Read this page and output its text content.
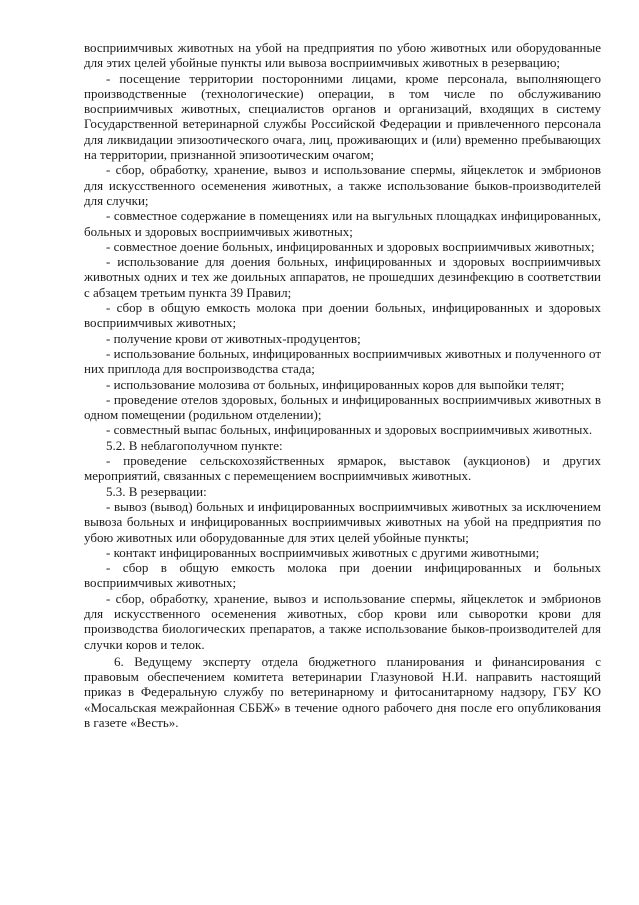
восприимчивых животных на убой на предприятия по убою животных или оборудованные для этих целей убойные пункты или вывоза восприимчивых животных в резервацию;

- посещение территории посторонними лицами, кроме персонала, выполняющего производственные (технологические) операции, в том числе по обслуживанию восприимчивых животных, специалистов органов и организаций, входящих в систему Государственной ветеринарной службы Российской Федерации и привлеченного персонала для ликвидации эпизоотического очага, лиц, проживающих и (или) временно пребывающих на территории, признанной эпизоотическим очагом;

- сбор, обработку, хранение, вывоз и использование спермы, яйцеклеток и эмбрионов для искусственного осеменения животных, а также использование быков-производителей для случки;

- совместное содержание в помещениях или на выгульных площадках инфицированных, больных и здоровых восприимчивых животных;

- совместное доение больных, инфицированных и здоровых восприимчивых животных;

- использование для доения больных, инфицированных и здоровых восприимчивых животных одних и тех же доильных аппаратов, не прошедших дезинфекцию в соответствии с абзацем третьим пункта 39 Правил;

- сбор в общую емкость молока при доении больных, инфицированных и здоровых восприимчивых животных;

- получение крови от животных-продуцентов;

- использование больных, инфицированных восприимчивых животных и полученного от них приплода для воспроизводства стада;

- использование молозива от больных, инфицированных коров для выпойки телят;

- проведение отелов здоровых, больных и инфицированных восприимчивых животных в одном помещении (родильном отделении);

- совместный выпас больных, инфицированных и здоровых восприимчивых животных.

5.2. В неблагополучном пункте:

- проведение сельскохозяйственных ярмарок, выставок (аукционов) и других мероприятий, связанных с перемещением восприимчивых животных.

5.3. В резервации:

- вывоз (вывод) больных и инфицированных восприимчивых животных за исключением вывоза больных и инфицированных восприимчивых животных на убой на предприятия по убою животных или оборудованные для этих целей убойные пункты;

- контакт инфицированных восприимчивых животных с другими животными;

- сбор в общую емкость молока при доении инфицированных и больных восприимчивых животных;

- сбор, обработку, хранение, вывоз и использование спермы, яйцеклеток и эмбрионов для искусственного осеменения животных, сбор крови или сыворотки крови для производства биологических препаратов, а также использование быков-производителей для случки коров и телок.

6. Ведущему эксперту отдела бюджетного планирования и финансирования с правовым обеспечением комитета ветеринарии Глазуновой Н.И. направить настоящий приказ в Федеральную службу по ветеринарному и фитосанитарному надзору, ГБУ КО «Мосальская межрайонная СББЖ» в течение одного рабочего дня после его опубликования в газете «Весть».
